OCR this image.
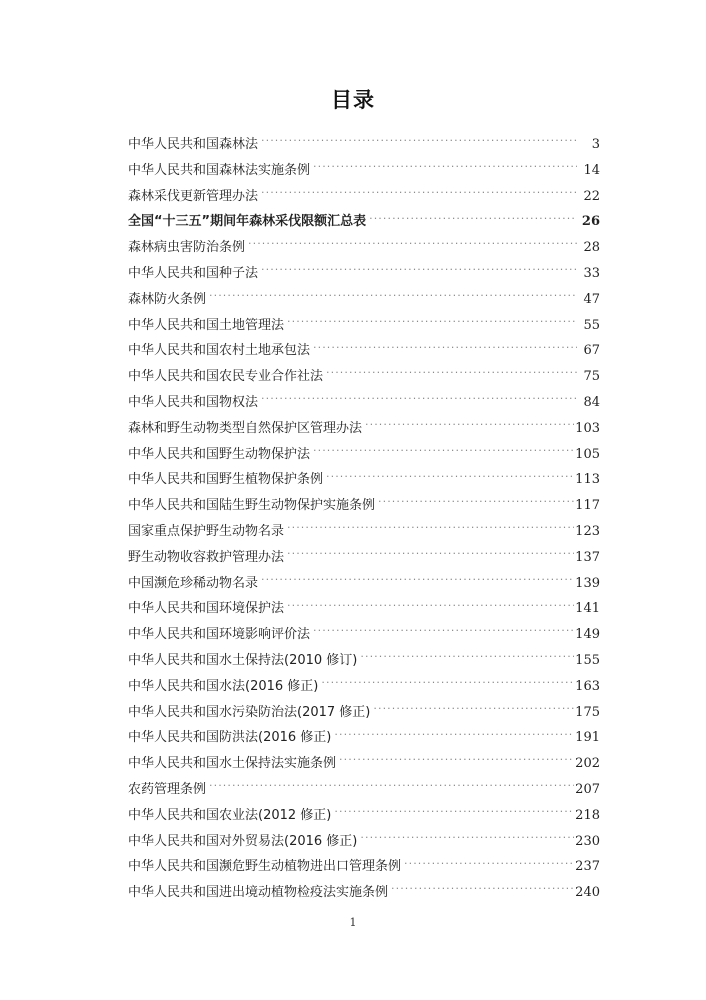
目录
中华人民共和国森林法 .....	3
中华人民共和国森林法实施条例 .....	14
森林采伐更新管理办法 .....	22
全国“十三五”期间年森林采伐限额汇总表 .....	26
森林病虫害防治条例 .....	28
中华人民共和国种子法 .....	33
森林防火条例 .....	47
中华人民共和国土地管理法 .....	55
中华人民共和国农村土地承包法 .....	67
中华人民共和国农民专业合作社法 .....	75
中华人民共和国物权法 .....	84
森林和野生动物类型自然保护区管理办法 .....	103
中华人民共和国野生动物保护法 .....	105
中华人民共和国野生植物保护条例 .....	113
中华人民共和国陆生野生动物保护实施条例 .....	117
国家重点保护野生动物名录 .....	123
野生动物收容救护管理办法 .....	137
中国濒危珍稀动物名录 .....	139
中华人民共和国环境保护法 .....	141
中华人民共和国环境影响评价法 .....	149
中华人民共和国水土保持法(2010 修订) .....	155
中华人民共和国水法(2016 修正) .....	163
中华人民共和国水污染防治法(2017 修正) .....	175
中华人民共和国防洪法(2016 修正) .....	191
中华人民共和国水土保持法实施条例 .....	202
农药管理条例 .....	207
中华人民共和国农业法(2012 修正) .....	218
中华人民共和国对外贸易法(2016 修正) .....	230
中华人民共和国濒危野生动植物进出口管理条例 .....	237
中华人民共和国进出境动植物检疫法实施条例 .....	240
1
